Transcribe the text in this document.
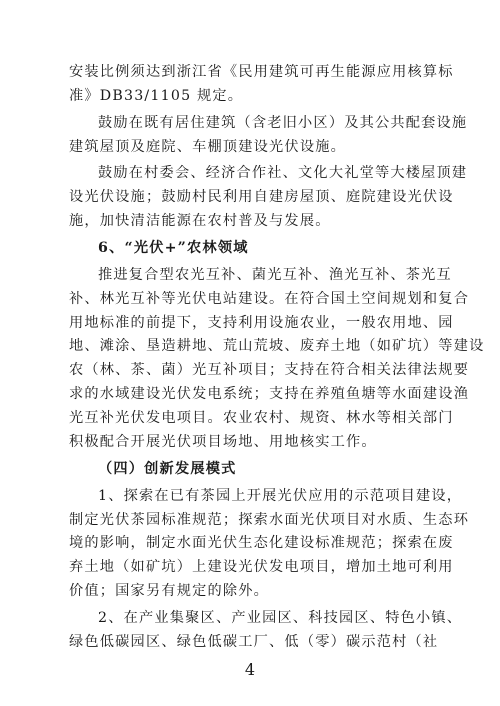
安装比例须达到浙江省《民用建筑可再生能源应用核算标
准》DB33/1105 规定。
鼓励在既有居住建筑（含老旧小区）及其公共配套设施
建筑屋顶及庭院、车棚顶建设光伏设施。
鼓励在村委会、经济合作社、文化大礼堂等大楼屋顶建
设光伏设施；鼓励村民利用自建房屋顶、庭院建设光伏设
施，加快清洁能源在农村普及与发展。
6、“光伏+”农林领域
推进复合型农光互补、菌光互补、渔光互补、茶光互
补、林光互补等光伏电站建设。在符合国土空间规划和复合
用地标准的前提下，支持利用设施农业，一般农用地、园
地、滩涂、垦造耕地、荒山荒坡、废弃土地（如矿坑）等建设
农（林、茶、菌）光互补项目；支持在符合相关法律法规要
求的水域建设光伏发电系统；支持在养殖鱼塘等水面建设渔
光互补光伏发电项目。农业农村、规资、林水等相关部门
积极配合开展光伏项目场地、用地核实工作。
（四）创新发展模式
1、探索在已有茶园上开展光伏应用的示范项目建设，
制定光伏茶园标准规范；探索水面光伏项目对水质、生态环
境的影响，制定水面光伏生态化建设标准规范；探索在废
弃土地（如矿坑）上建设光伏发电项目，增加土地可利用
价值；国家另有规定的除外。
2、在产业集聚区、产业园区、科技园区、特色小镇、
绿色低碳园区、绿色低碳工厂、低（零）碳示范村（社
4
